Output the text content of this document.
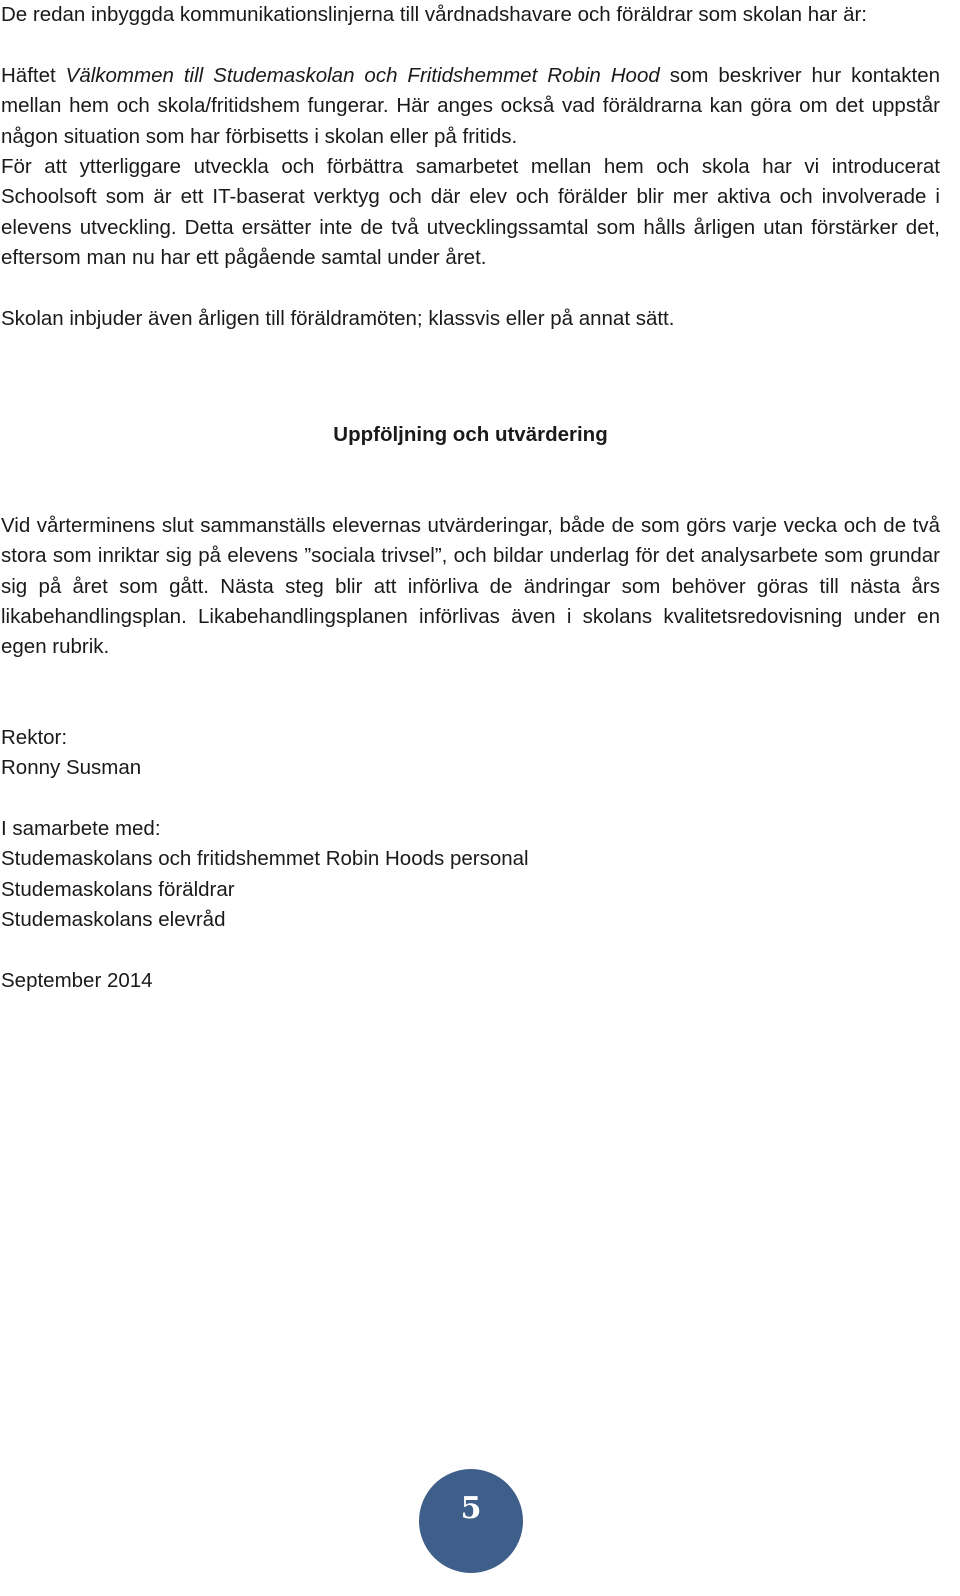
De redan inbyggda kommunikationslinjerna till vårdnadshavare och föräldrar som skolan har är:

Häftet Välkommen till Studemaskolan och Fritidshemmet Robin Hood som beskriver hur kontakten mellan hem och skola/fritidshem fungerar. Här anges också vad föräldrarna kan göra om det uppstår någon situation som har förbisetts i skolan eller på fritids.

För att ytterliggare utveckla och förbättra samarbetet mellan hem och skola har vi introducerat Schoolsoft som är ett IT-baserat verktyg och där elev och förälder blir mer aktiva och involverade i elevens utveckling. Detta ersätter inte de två utvecklingssamtal som hålls årligen utan förstärker det, eftersom man nu har ett pågående samtal under året.

Skolan inbjuder även årligen till föräldramöten; klassvis eller på annat sätt.

Uppföljning och utvärdering

Vid vårterminens slut sammanställs elevernas utvärderingar, både de som görs varje vecka och de två stora som inriktar sig på elevens ”sociala trivsel”, och bildar underlag för det analysarbete som grundar sig på året som gått. Nästa steg blir att införliva de ändringar som behöver göras till nästa års likabehandlingsplan. Likabehandlingsplanen införlivas även i skolans kvalitetsredovisning under en egen rubrik.

Rektor:
Ronny Susman
I samarbete med:
Studemaskolans och fritidshemmet Robin Hoods personal
Studemaskolans föräldrar
Studemaskolans elevråd
September 2014
5
